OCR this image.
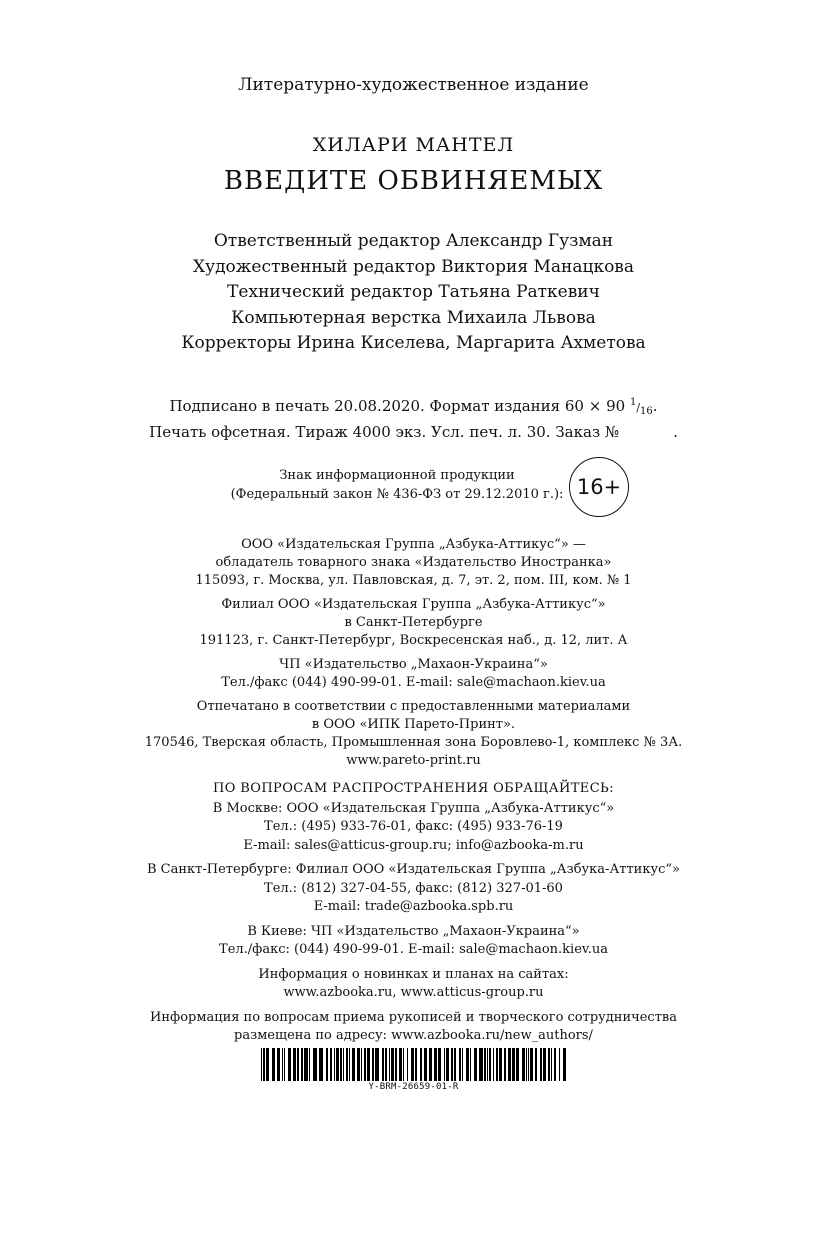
Литературно-художественное издание
ХИЛАРИ МАНТЕЛ
ВВЕДИТЕ ОБВИНЯЕМЫХ
Ответственный редактор Александр Гузман
Художественный редактор Виктория Манацкова
Технический редактор Татьяна Раткевич
Компьютерная верстка Михаила Львова
Корректоры Ирина Киселева, Маргарита Ахметова
Подписано в печать 20.08.2020. Формат издания 60 × 90 $^1/_{16}$.
Печать офсетная. Тираж 4000 экз. Усл. печ. л. 30. Заказ №	.
Знак информационной продукции
(Федеральный закон № 436-ФЗ от 29.12.2010 г.): 16+
ООО «Издательская Группа „Азбука-Аттикус“» —
обладатель товарного знака «Издательство Иностранка»
115093, г. Москва, ул. Павловская, д. 7, эт. 2, пом. III, ком. № 1
Филиал ООО «Издательская Группа „Азбука-Аттикус“»
в Санкт-Петербурге
191123, г. Санкт-Петербург, Воскресенская наб., д. 12, лит. А
ЧП «Издательство „Махаон-Украина“»
Тел./факс (044) 490-99-01. E-mail: sale@machaon.kiev.ua
Отпечатано в соответствии с предоставленными материалами
в ООО «ИПК Парето-Принт».
170546, Тверская область, Промышленная зона Боровлево-1, комплекс № 3А.
www.pareto-print.ru
ПО ВОПРОСАМ РАСПРОСТРАНЕНИЯ ОБРАЩАЙТЕСЬ:
В Москве: ООО «Издательская Группа „Азбука-Аттикус“»
Тел.: (495) 933-76-01, факс: (495) 933-76-19
E-mail: sales@atticus-group.ru; info@azbooka-m.ru
В Санкт-Петербурге: Филиал ООО «Издательская Группа „Азбука-Аттикус“»
Тел.: (812) 327-04-55, факс: (812) 327-01-60
E-mail: trade@azbooka.spb.ru
В Киеве: ЧП «Издательство „Махаон-Украина“»
Тел./факс: (044) 490-99-01. E-mail: sale@machaon.kiev.ua
Информация о новинках и планах на сайтах:
www.azbooka.ru, www.atticus-group.ru
Информация по вопросам приема рукописей и творческого сотрудничества
размещена по адресу: www.azbooka.ru/new_authors/
Y-BRM-26659-01-R
